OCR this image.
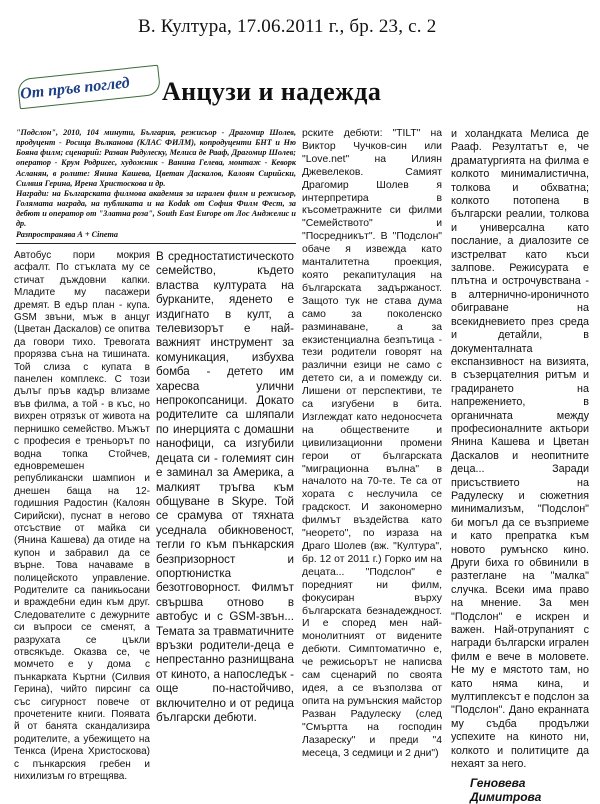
В. Култура, 17.06.2011 г., бр. 23, с. 2
От пръв поглед Анцузи и надежда

"Подслон", 2010, 104 минути, България, режисьор - Драгомир Шолев, продуцент - Росица Вълканова (КЛАС ФИЛМ), копродуценти БНТ и Ню Бояна филм; сценарий: Разван Радулеску, Мелиса де Рааф, Драгомир Шолев; оператор - Крум Родригес, художник - Ванина Гелева, монтаж - Кеворк Асланян, в ролите: Янина Кашева, Цветан Даскалов, Калоян Сирийски, Силвия Герина, Ирена Христоскова и др.

Награди: на Българската филмова академия за игрален филм и режисьор, Голямата награда, на публиката и на Kodak от София Филм Фест, за дебют и оператор от "Златна роза", South East Europe от Лос Анджелис и др.

Разпространява А + Cinema

Автобус пори мокрия асфалт. По стъклата му се стичат дъждовни капки. Младите му пасажери дремят. В едър план - купа. GSM звъни, мъж в анцуг (Цветан Даскалов) се опитва да говори тихо. Тревогата прорязва съна на тишината. Той слиза с купата в панелен комплекс. С този дълъг пръв кадър влизаме във филма, а той - в къс, но вихрен отрязък от живота на пернишко семейство. Мъжът с професия е треньорът по водна топка Стойчев, едновремешен републикански шампион и днешен баща на 12-годишния Радостин (Калоян Сирийски), пуснат в негово отсъствие от майка си (Янина Кашева) да отиде на купон и забравил да се върне. Това начаваме в полицейското управление. Родителите са паникьосани и враждебни един към друг. Следователите с дежурните си въпроси се сменят, а разрухата се цъкли отвсякъде. Оказва се, че момчето е у дома с пънкарката Къртни (Силвия Герина), чийто пирсинг са със сигурност повече от прочетените книги. Появата й от банята скандализира родителите, а убежището на Тенкса (Ирена Христоскова) с пънкарския гребен и нихилизъм го втрещява.

В средностатистическото семейство, където властва културата на бурканите, яденето е издигнато в култ, а телевизорът е най-важният инструмент за комуникация, избухва бомба - детето им харесва улични непрокопсаници. Докато родителите са шляпали по инерцията с домашни нанофици, са изгубили децата си - големият син е заминал за Америка, а малкият тръгва към общуване в Skype. Той се срамува от тяхната уседнала обикновеност, тегли го към пънкарския безпризорност и опортюнистка безотговорност. Филмът свършва отново в автобус и с GSM-звън... Темата за травматичните връзки родители-деца е непрестанно разнищвана от киното, а напоследък - още по-настойчиво, включително и от редица български дебюти.

рските дебюти: "TILT" на Виктор Чучков-син или "Love.net" на Илиян Джевелеков. Самият Драгомир Шолев я интерпретира в късометражните си филми "Семейството" и "Посредникът". В "Подслон" обаче я извежда като манталитетна проекция, която рекапитулация на българската задържаност. Защото тук не става дума само за поколенско разминаване, а за екзистенциална безпътица - тези родители говорят на различни езици не само с детето си, а и помежду си. Лишени от перспективи, те са изгубени в бита. Изглеждат като недоносчета на обществените и цивилизационни промени герои от българската "миграционна вълна" в началото на 70-те. Те са от хората с неслучила се градскост. И закономерно филмът въздейства като "неорето", по израза на Драго Шолев (вж. "Култура", бр. 12 от 2011 г.) Горко им на децата... "Подслон" е поредният ни филм, фокусиран върху българската безнадеждност. И е според мен най-монолитният от видените дебюти. Симптоматично е, че режисьорът не написва сам сценарий по своята идея, а се възползва от опита на румънския майстор Разван Радулеску (след "Смъртта на господин Лазареску" и преди "4 месеца, 3 седмици и 2 дни")

и холандката Мелиса де Рааф. Резултатът е, че драматургията на филма е колкото минималистична, толкова и обхватна; колкото потопена в български реалии, толкова и универсална като послание, а диалозите се изстрелват като къси залпове. Режисурата е плътна и острочувствана - в алтерничнo-ироничното обиграване на всекидневието през среда и детайли, в документалната експанзивност на визията, в съзерцателния ритъм и градирането на напрежението, в органичната между професионалните актьори Янина Кашева и Цветан Даскалов и неопитните деца... Заради присъствието на Радулеску и сюжетния минимализъм, "Подслон" би могъл да се възприеме и като препратка към новото румънско кино. Други биха го обвинили в разтеглане на "малка" случка. Всеки има право на мнение. За мен "Подслон" е искрен и важен. Най-отрупаният с награди български игрален филм е вече в моловете. Не му е мястото там, но като няма кина, и мултиплексът е подслон за "Подслон". Дано екранната му съдба продължи успехите на киното ни, колкото и политиците да нехаят за него.

Геновева Димитрова
